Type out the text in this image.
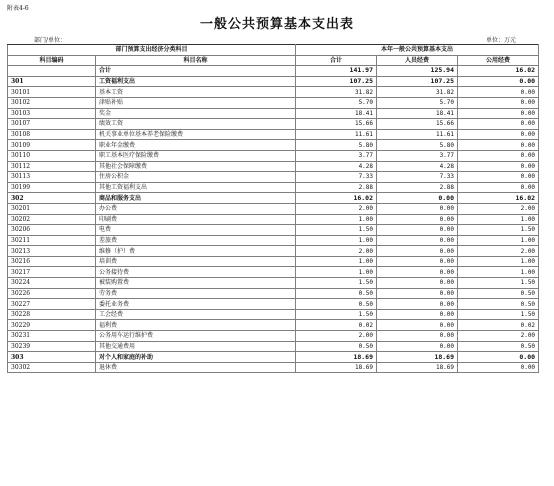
附表4-6
一般公共预算基本支出表
部门/单位：	单位：万元
部门预算支出经济分类科目		本年一般公共预算基本支出		
科目编码	科目名称	合计	人员经费	公用经费
	合计	141.97	125.94	16.02
301	工资福利支出	107.25	107.25	0.00
30101	基本工资	31.82	31.82	0.00
30102	津贴补贴	5.70	5.70	0.00
30103	奖金	18.41	18.41	0.00
30107	绩效工资	15.66	15.66	0.00
30108	机关事业单位基本养老保险缴费	11.61	11.61	0.00
30109	职业年金缴费	5.80	5.80	0.00
30110	职工基本医疗保险缴费	3.77	3.77	0.00
30112	其他社会保障缴费	4.28	4.28	0.00
30113	住房公积金	7.33	7.33	0.00
30199	其他工资福利支出	2.88	2.88	0.00
302	商品和服务支出	16.02	0.00	16.02
30201	办公费	2.00	0.00	2.00
30202	印刷费	1.00	0.00	1.00
30206	电费	1.50	0.00	1.50
30211	差旅费	1.00	0.00	1.00
30213	维修（护）费	2.00	0.00	2.00
30216	培训费	1.00	0.00	1.00
30217	公务接待费	1.00	0.00	1.00
30224	被装购置费	1.50	0.00	1.50
30226	劳务费	0.50	0.00	0.50
30227	委托业务费	0.50	0.00	0.50
30228	工会经费	1.50	0.00	1.50
30229	福利费	0.02	0.00	0.02
30231	公务用车运行维护费	2.00	0.00	2.00
30239	其他交通费用	0.50	0.00	0.50
303	对个人和家庭的补助	18.69	18.69	0.00
30302	退休费	18.69	18.69	0.00
